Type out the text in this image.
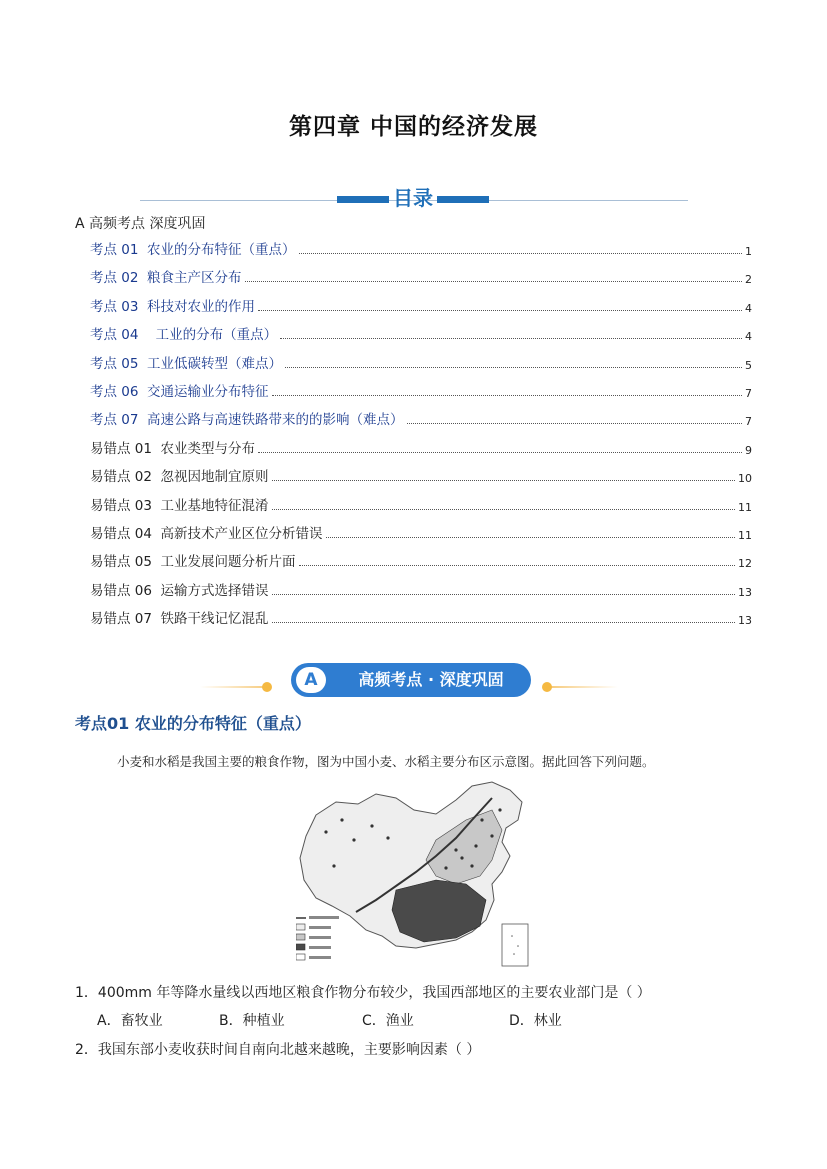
第四章 中国的经济发展
目录
A 高频考点 深度巩固
考点 01  农业的分布特征（重点）	1
考点 02  粮食主产区分布	2
考点 03  科技对农业的作用	4
考点 04    工业的分布（重点）	4
考点 05  工业低碳转型（难点）	5
考点 06  交通运输业分布特征	7
考点 07  高速公路与高速铁路带来的的影响（难点）	7
易错点 01  农业类型与分布	9
易错点 02  忽视因地制宜原则	10
易错点 03  工业基地特征混淆	11
易错点 04  高新技术产业区位分析错误	11
易错点 05  工业发展问题分析片面	12
易错点 06  运输方式选择错误	13
易错点 07  铁路干线记忆混乱	13
A	高频考点 · 深度巩固
考点01 农业的分布特征（重点）
小麦和水稻是我国主要的粮食作物，图为中国小麦、水稻主要分布区示意图。据此回答下列问题。
1．400mm 年等降水量线以西地区粮食作物分布较少，我国西部地区的主要农业部门是（ ）
A．畜牧业	B．种植业	C．渔业	D．林业
2．我国东部小麦收获时间自南向北越来越晚，主要影响因素（ ）
